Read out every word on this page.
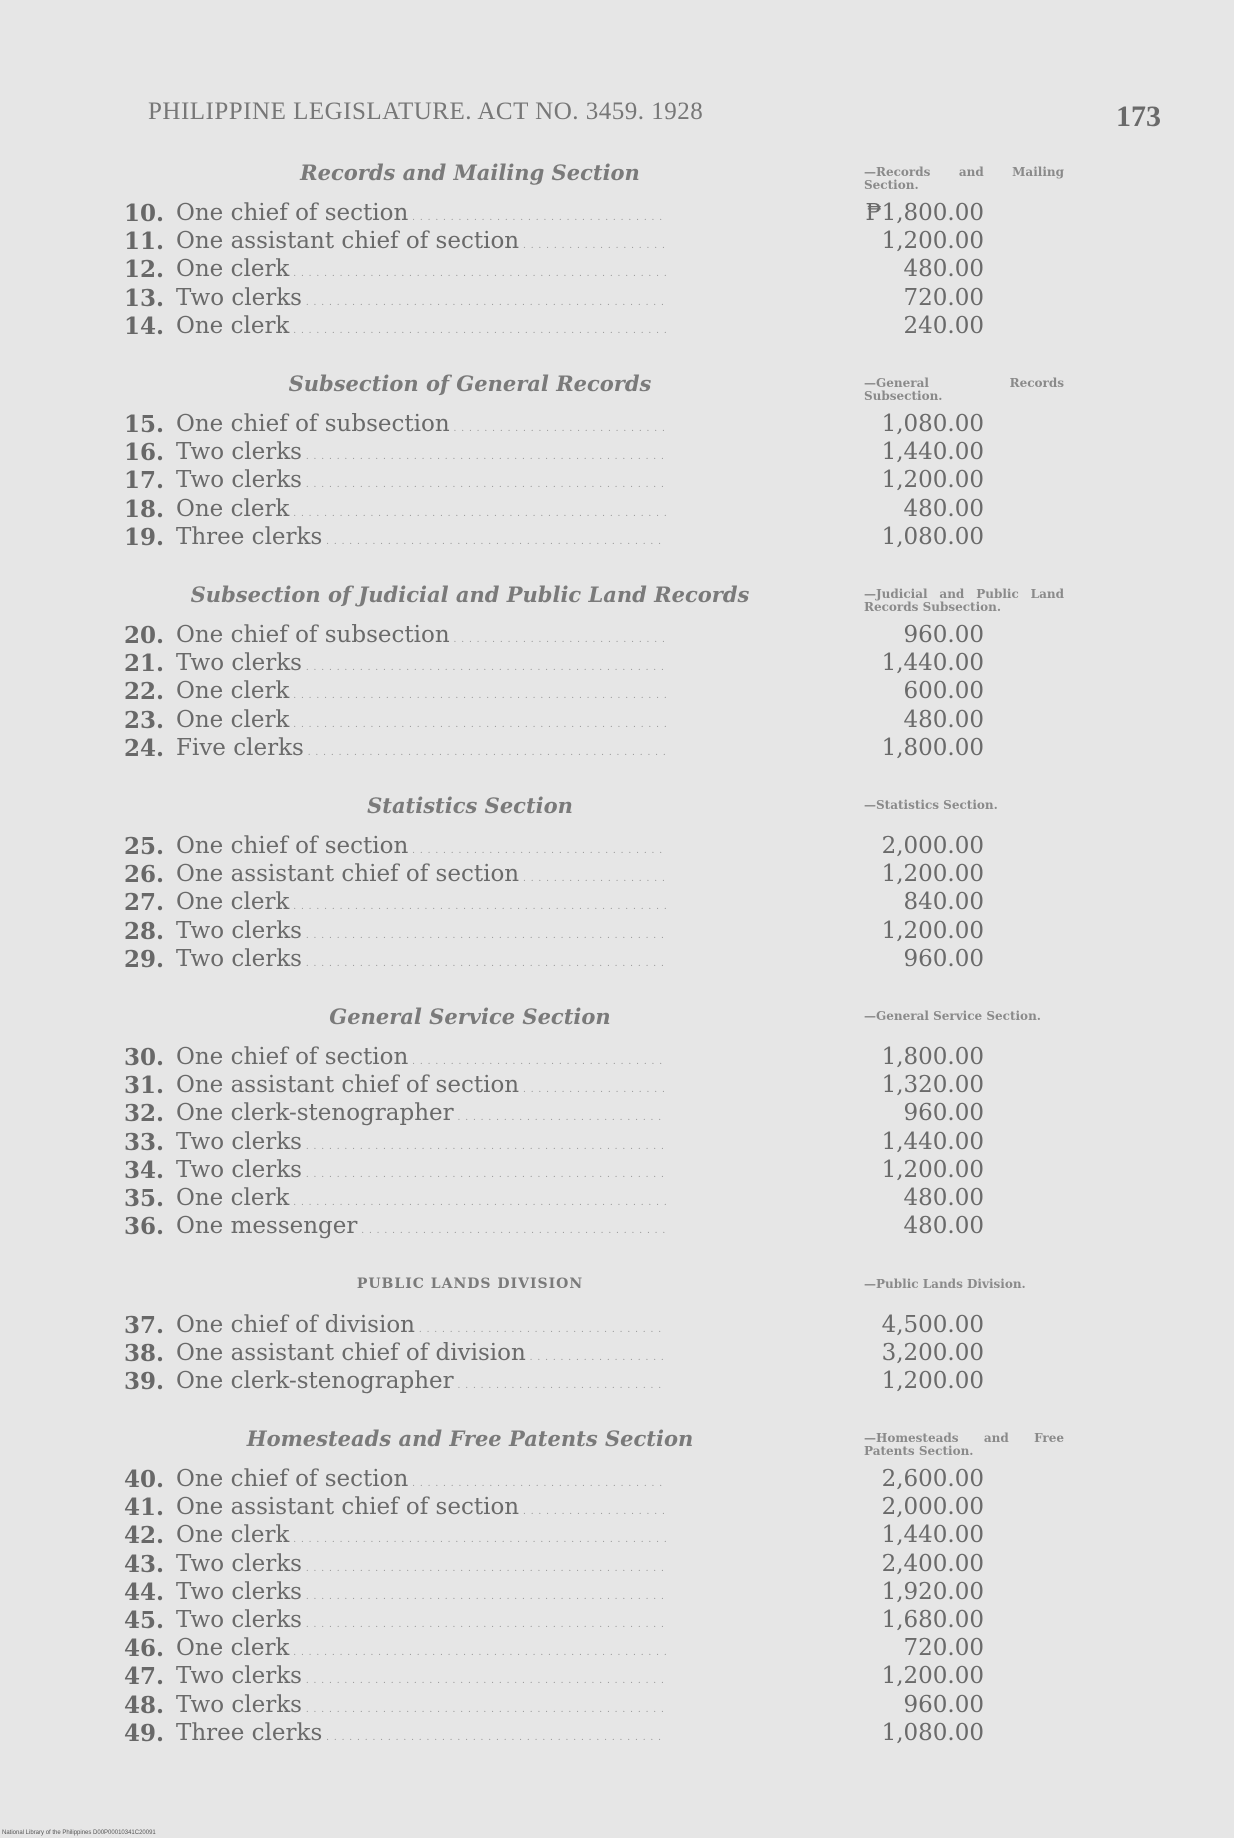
PHILIPPINE LEGISLATURE. ACT NO. 3459. 1928	173
Records and Mailing Section	—Records and Mailing Section.
10. One chief of section . . .	₱1,800.00
11. One assistant chief of section . . .	1,200.00
12. One clerk . . .	480.00
13. Two clerks . . .	720.00
14. One clerk . . .	240.00
Subsection of General Records	—General Records Subsection.
15. One chief of subsection . . .	1,080.00
16. Two clerks . . .	1,440.00
17. Two clerks . . .	1,200.00
18. One clerk . . .	480.00
19. Three clerks . . .	1,080.00
Subsection of Judicial and Public Land Records	—Judicial and Public Land Records Subsection.
20. One chief of subsection . . .	960.00
21. Two clerks . . .	1,440.00
22. One clerk . . .	600.00
23. One clerk . . .	480.00
24. Five clerks . . .	1,800.00
Statistics Section	—Statistics Section.
25. One chief of section . . .	2,000.00
26. One assistant chief of section . . .	1,200.00
27. One clerk . . .	840.00
28. Two clerks . . .	1,200.00
29. Two clerks . . .	960.00
General Service Section	—General Service Section.
30. One chief of section . . .	1,800.00
31. One assistant chief of section . . .	1,320.00
32. One clerk-stenographer . . .	960.00
33. Two clerks . . .	1,440.00
34. Two clerks . . .	1,200.00
35. One clerk . . .	480.00
36. One messenger . . .	480.00
PUBLIC LANDS DIVISION	—Public Lands Division.
37. One chief of division . . .	4,500.00
38. One assistant chief of division . . .	3,200.00
39. One clerk-stenographer . . .	1,200.00
Homesteads and Free Patents Section	—Homesteads and Free Patents Section.
40. One chief of section . . .	2,600.00
41. One assistant chief of section . . .	2,000.00
42. One clerk . . .	1,440.00
43. Two clerks . . .	2,400.00
44. Two clerks . . .	1,920.00
45. Two clerks . . .	1,680.00
46. One clerk . . .	720.00
47. Two clerks . . .	1,200.00
48. Two clerks . . .	960.00
49. Three clerks . . .	1,080.00
National Library of the Philippines D00P00010341C20091
